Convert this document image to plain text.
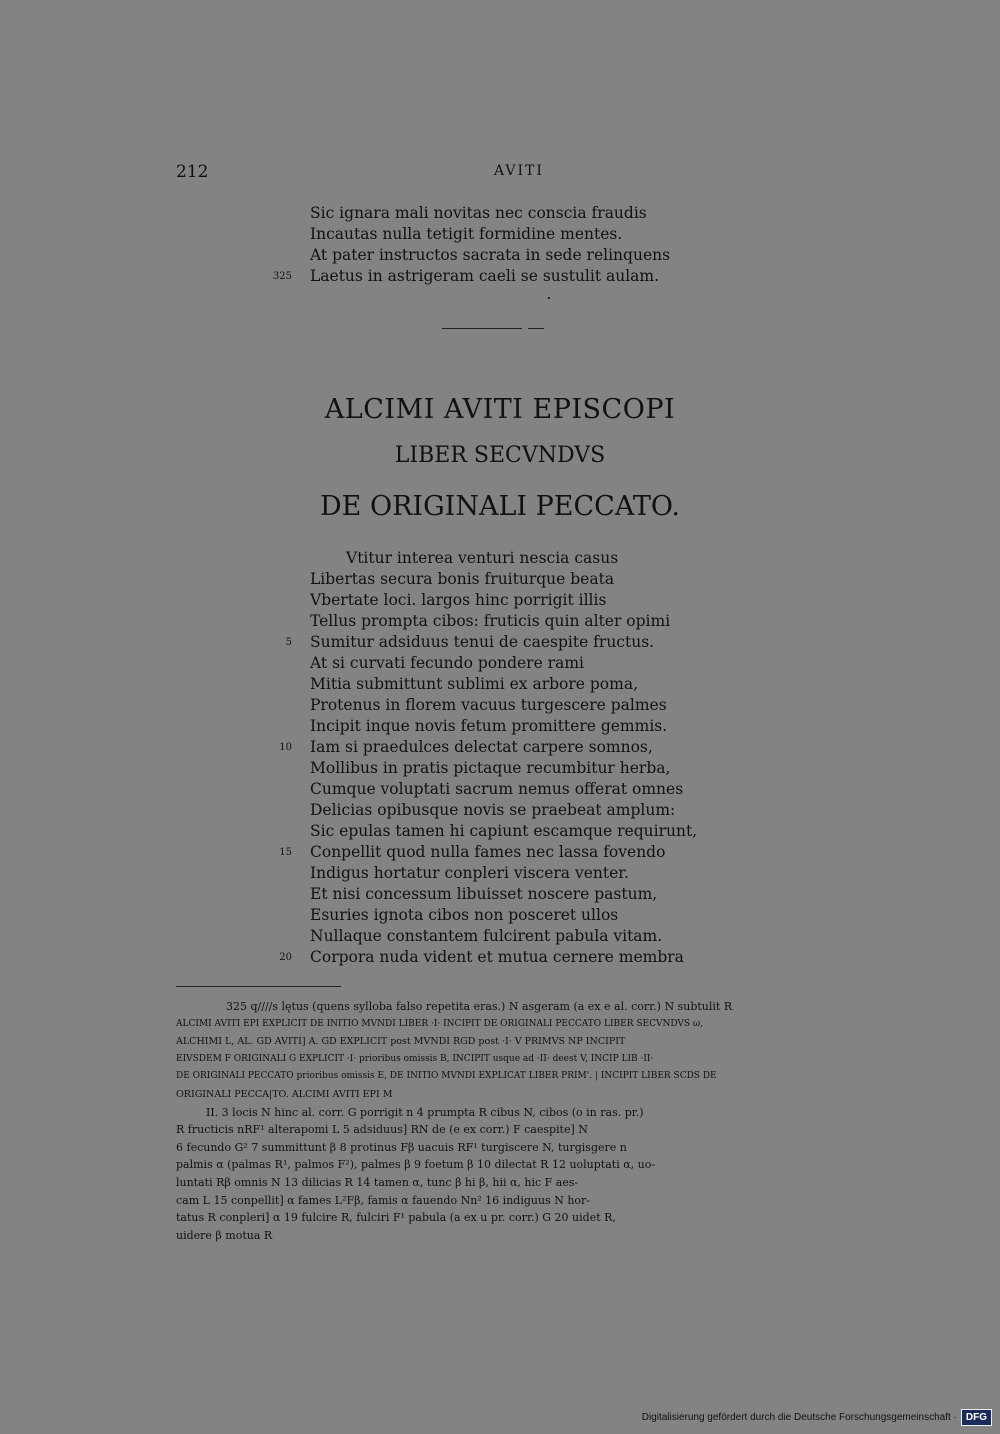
212	AVITI
Sic ignara mali novitas nec conscia fraudis
Incautas nulla tetigit formidine mentes.
At pater instructos sacrata in sede relinquens
325 Laetus in astrigeram caeli se sustulit aulam.
ALCIMI AVITI EPISCOPI
LIBER SECVNDVS
DE ORIGINALI PECCATO.
Vtitur interea venturi nescia casus
Libertas secura bonis fruiturque beata
Vbertate loci. largos hinc porrigit illis
Tellus prompta cibos: fruticis quin alter opimi
5 Sumitur adsiduus tenui de caespite fructus.
At si curvati fecundo pondere rami
Mitia submittunt sublimi ex arbore poma,
Protenus in florem vacuus turgescere palmes
Incipit inque novis fetum promittere gemmis.
10 Iam si praedulces delectat carpere somnos,
Mollibus in pratis pictaque recumbitur herba,
Cumque voluptati sacrum nemus offerat omnes
Delicias opibusque novis se praebeat amplum:
Sic epulas tamen hi capiunt escamque requirunt,
15 Conpellit quod nulla fames nec lassa fovendo
Indigus hortatur conpleri viscera venter.
Et nisi concessum libuisset noscere pastum,
Esuries ignota cibos non posceret ullos
Nullaque constantem fulcirent pabula vitam.
20 Corpora nuda vident et mutua cernere membra
325 q////s lętus (quens sylloba falso repetita eras.) N asgeram (a ex e al. corr.) N subtulit R
ALCIMI AVITI EPI EXPLICIT DE INITIO MVNDI LIBER ·I· INCIPIT DE ORIGINALI PECCATO LIBER SECVNDVS ω,
ALCHIMI L, AL. GD AVITI] A. GD EXPLICIT post MVNDI RGD post ·I· V PRIMVS NP INCIPIT
EIVSDEM F ORIGINALI G EXPLICIT ·I· prioribus omissis B, INCIPIT usque ad ·II· deest V, INCIP LIB ·II·
DE ORIGINALI PECCATO prioribus omissis E, DE INITIO MVNDI EXPLICAT LIBER PRIM'. | INCIPIT LIBER SCDS DE
ORIGINALI PECCA|TO. ALCIMI AVITI EPI M
II. 3 locis N hinc al. corr. G porrigit n 4 prumpta R cibus N, cibos (o in ras. pr.)
R fructicis nRF¹ alterapomi L 5 adsiduus] RN de (e ex corr.) F caespite] N
6 fecundo G² 7 summittunt β 8 protinus Fβ uacuis RF¹ turgiscere N, turgisgere n
palmis α (palmas R¹, palmos F²), palmes β 9 foetum β 10 dilectat R 12 uoluptati α, uo-
luntati Rβ omnis N 13 dilicias R 14 tamen α, tunc β hi β, hii α, hic F aes-
cam L 15 conpellit] α fames L²Fβ, famis α fauendo Nn² 16 indiguus N hor-
tatus R conpleri] α 19 fulcire R, fulciri F¹ pabula (a ex u pr. corr.) G 20 uidet R,
uidere β motua R
Digitalisierung gefördert durch die Deutsche Forschungsgemeinschaft · DFG
